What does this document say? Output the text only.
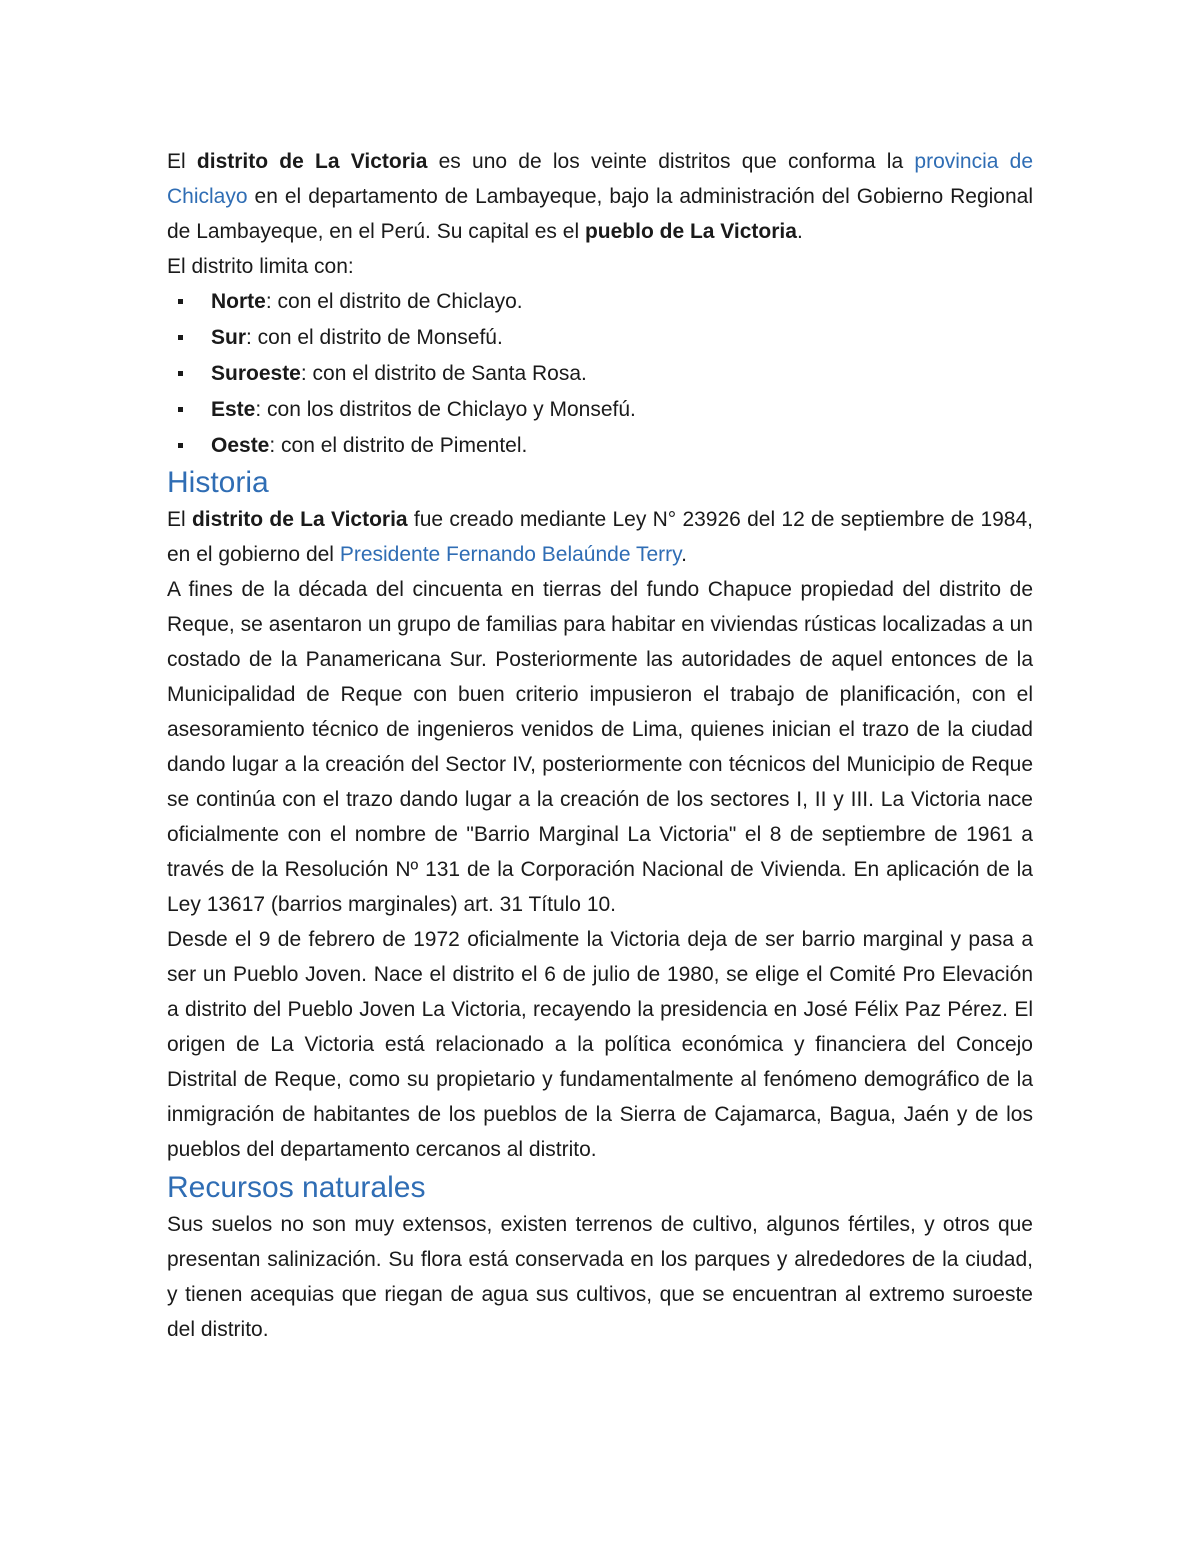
El distrito de La Victoria es uno de los veinte distritos que conforma la provincia de Chiclayo en el departamento de Lambayeque, bajo la administración del Gobierno Regional de Lambayeque, en el Perú. Su capital es el pueblo de La Victoria.

El distrito limita con:

Norte: con el distrito de Chiclayo.
Sur: con el distrito de Monsefú.
Suroeste: con el distrito de Santa Rosa.
Este: con los distritos de Chiclayo y Monsefú.
Oeste: con el distrito de Pimentel.
Historia

El distrito de La Victoria fue creado mediante Ley N° 23926 del 12 de septiembre de 1984, en el gobierno del Presidente Fernando Belaúnde Terry.

A fines de la década del cincuenta en tierras del fundo Chapuce propiedad del distrito de Reque, se asentaron un grupo de familias para habitar en viviendas rústicas localizadas a un costado de la Panamericana Sur. Posteriormente las autoridades de aquel entonces de la Municipalidad de Reque con buen criterio impusieron el trabajo de planificación, con el asesoramiento técnico de ingenieros venidos de Lima, quienes inician el trazo de la ciudad dando lugar a la creación del Sector IV, posteriormente con técnicos del Municipio de Reque se continúa con el trazo dando lugar a la creación de los sectores I, II y III. La Victoria nace oficialmente con el nombre de "Barrio Marginal La Victoria" el 8 de septiembre de 1961 a través de la Resolución Nº 131 de la Corporación Nacional de Vivienda. En aplicación de la Ley 13617 (barrios marginales) art. 31 Título 10.

Desde el 9 de febrero de 1972 oficialmente la Victoria deja de ser barrio marginal y pasa a ser un Pueblo Joven. Nace el distrito el 6 de julio de 1980, se elige el Comité Pro Elevación a distrito del Pueblo Joven La Victoria, recayendo la presidencia en José Félix Paz Pérez. El origen de La Victoria está relacionado a la política económica y financiera del Concejo Distrital de Reque, como su propietario y fundamentalmente al fenómeno demográfico de la inmigración de habitantes de los pueblos de la Sierra de Cajamarca, Bagua, Jaén y de los pueblos del departamento cercanos al distrito.

Recursos naturales

Sus suelos no son muy extensos, existen terrenos de cultivo, algunos fértiles, y otros que presentan salinización. Su flora está conservada en los parques y alrededores de la ciudad, y tienen acequias que riegan de agua sus cultivos, que se encuentran al extremo suroeste del distrito.
